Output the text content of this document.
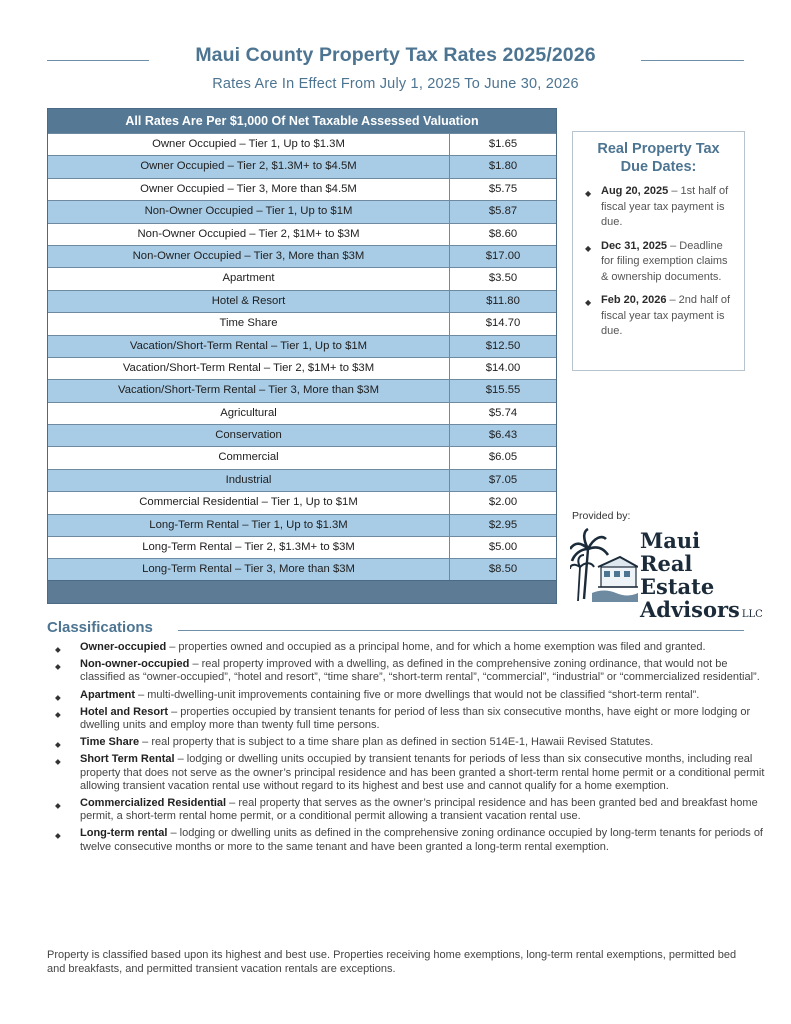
Maui County Property Tax Rates 2025/2026
Rates Are In Effect From July 1, 2025 To June 30, 2026
All Rates Are Per $1,000 Of Net Taxable Assessed Valuation
Owner Occupied – Tier 1, Up to $1.3M	$1.65
Owner Occupied – Tier 2, $1.3M+ to $4.5M	$1.80
Owner Occupied – Tier 3, More than $4.5M	$5.75
Non-Owner Occupied – Tier 1, Up to $1M	$5.87
Non-Owner Occupied – Tier 2, $1M+ to $3M	$8.60
Non-Owner Occupied – Tier 3, More than $3M	$17.00
Apartment	$3.50
Hotel & Resort	$11.80
Time Share	$14.70
Vacation/Short-Term Rental – Tier 1, Up to $1M	$12.50
Vacation/Short-Term Rental – Tier 2, $1M+ to $3M	$14.00
Vacation/Short-Term Rental – Tier 3, More than $3M	$15.55
Agricultural	$5.74
Conservation	$6.43
Commercial	$6.05
Industrial	$7.05
Commercial Residential – Tier 1, Up to $1M	$2.00
Long-Term Rental – Tier 1, Up to $1.3M	$2.95
Long-Term Rental – Tier 2, $1.3M+ to $3M	$5.00
Long-Term Rental – Tier 3, More than $3M	$8.50
Real Property Tax Due Dates:
◆ Aug 20, 2025 – 1st half of fiscal year tax payment is due.
◆ Dec 31, 2025 – Deadline for filing exemption claims & ownership documents.
◆ Feb 20, 2026 – 2nd half of fiscal year tax payment is due.
Provided by:
Maui
Real Estate
Advisors LLC
Classifications
◆ Owner-occupied – properties owned and occupied as a principal home, and for which a home exemption was filed and granted.
◆ Non-owner-occupied – real property improved with a dwelling, as defined in the comprehensive zoning ordinance, that would not be classified as “owner-occupied”, “hotel and resort”, “time share”, “short-term rental”, “commercial”, “industrial” or “commercialized residential”.
◆ Apartment – multi-dwelling-unit improvements containing five or more dwellings that would not be classified “short-term rental”.
◆ Hotel and Resort – properties occupied by transient tenants for period of less than six consecutive months, have eight or more lodging or dwelling units and employ more than twenty full time persons.
◆ Time Share – real property that is subject to a time share plan as defined in section 514E-1, Hawaii Revised Statutes.
◆ Short Term Rental – lodging or dwelling units occupied by transient tenants for periods of less than six consecutive months, including real property that does not serve as the owner’s principal residence and has been granted a short-term rental home permit or a conditional permit allowing transient vacation rental use without regard to its highest and best use and cannot qualify for a home exemption.
◆ Commercialized Residential – real property that serves as the owner’s principal residence and has been granted bed and breakfast home permit, a short-term rental home permit, or a conditional permit allowing a transient vacation rental use.
◆ Long-term rental – lodging or dwelling units as defined in the comprehensive zoning ordinance occupied by long-term tenants for periods of twelve consecutive months or more to the same tenant and have been granted a long-term rental exemption.
Property is classified based upon its highest and best use. Properties receiving home exemptions, long-term rental exemptions, permitted bed and breakfasts, and permitted transient vacation rentals are exceptions.
